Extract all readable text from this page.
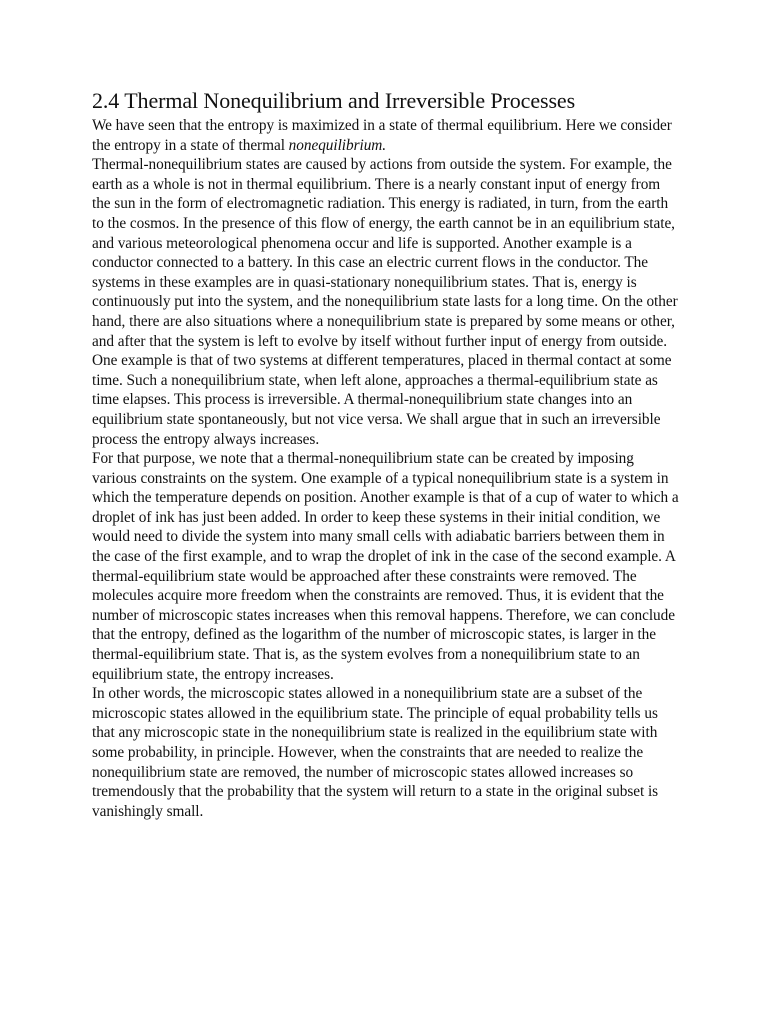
2.4 Thermal Nonequilibrium and Irreversible Processes

We have seen that the entropy is maximized in a state of thermal equilibrium. Here we consider the entropy in a state of thermal nonequilibrium.

Thermal-nonequilibrium states are caused by actions from outside the system. For example, the earth as a whole is not in thermal equilibrium. There is a nearly constant input of energy from the sun in the form of electromagnetic radiation. This energy is radiated, in turn, from the earth to the cosmos. In the presence of this flow of energy, the earth cannot be in an equilibrium state, and various meteorological phenomena occur and life is supported. Another example is a conductor connected to a battery. In this case an electric current flows in the conductor. The systems in these examples are in quasi-stationary nonequilibrium states. That is, energy is continuously put into the system, and the nonequilibrium state lasts for a long time. On the other hand, there are also situations where a nonequilibrium state is prepared by some means or other, and after that the system is left to evolve by itself without further input of energy from outside. One example is that of two systems at different temperatures, placed in thermal contact at some time. Such a nonequilibrium state, when left alone, approaches a thermal-equilibrium state as time elapses. This process is irreversible. A thermal-nonequilibrium state changes into an equilibrium state spontaneously, but not vice versa. We shall argue that in such an irreversible process the entropy always increases.

For that purpose, we note that a thermal-nonequilibrium state can be created by imposing various constraints on the system. One example of a typical nonequilibrium state is a system in which the temperature depends on position. Another example is that of a cup of water to which a droplet of ink has just been added. In order to keep these systems in their initial condition, we would need to divide the system into many small cells with adiabatic barriers between them in the case of the first example, and to wrap the droplet of ink in the case of the second example. A thermal-equilibrium state would be approached after these constraints were removed. The molecules acquire more freedom when the constraints are removed. Thus, it is evident that the number of microscopic states increases when this removal happens. Therefore, we can conclude that the entropy, defined as the logarithm of the number of microscopic states, is larger in the thermal-equilibrium state. That is, as the system evolves from a nonequilibrium state to an equilibrium state, the entropy increases.

In other words, the microscopic states allowed in a nonequilibrium state are a subset of the microscopic states allowed in the equilibrium state. The principle of equal probability tells us that any microscopic state in the nonequilibrium state is realized in the equilibrium state with some probability, in principle. However, when the constraints that are needed to realize the nonequilibrium state are removed, the number of microscopic states allowed increases so tremendously that the probability that the system will return to a state in the original subset is vanishingly small.
